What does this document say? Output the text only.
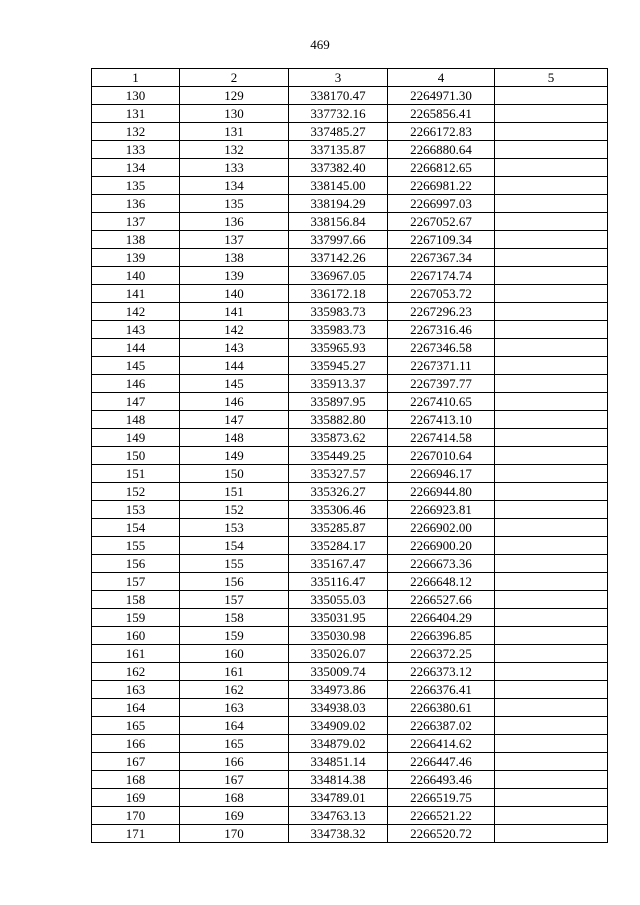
469
1	2	3	4	5
130	129	338170.47	2264971.30	
131	130	337732.16	2265856.41	
132	131	337485.27	2266172.83	
133	132	337135.87	2266880.64	
134	133	337382.40	2266812.65	
135	134	338145.00	2266981.22	
136	135	338194.29	2266997.03	
137	136	338156.84	2267052.67	
138	137	337997.66	2267109.34	
139	138	337142.26	2267367.34	
140	139	336967.05	2267174.74	
141	140	336172.18	2267053.72	
142	141	335983.73	2267296.23	
143	142	335983.73	2267316.46	
144	143	335965.93	2267346.58	
145	144	335945.27	2267371.11	
146	145	335913.37	2267397.77	
147	146	335897.95	2267410.65	
148	147	335882.80	2267413.10	
149	148	335873.62	2267414.58	
150	149	335449.25	2267010.64	
151	150	335327.57	2266946.17	
152	151	335326.27	2266944.80	
153	152	335306.46	2266923.81	
154	153	335285.87	2266902.00	
155	154	335284.17	2266900.20	
156	155	335167.47	2266673.36	
157	156	335116.47	2266648.12	
158	157	335055.03	2266527.66	
159	158	335031.95	2266404.29	
160	159	335030.98	2266396.85	
161	160	335026.07	2266372.25	
162	161	335009.74	2266373.12	
163	162	334973.86	2266376.41	
164	163	334938.03	2266380.61	
165	164	334909.02	2266387.02	
166	165	334879.02	2266414.62	
167	166	334851.14	2266447.46	
168	167	334814.38	2266493.46	
169	168	334789.01	2266519.75	
170	169	334763.13	2266521.22	
171	170	334738.32	2266520.72	
